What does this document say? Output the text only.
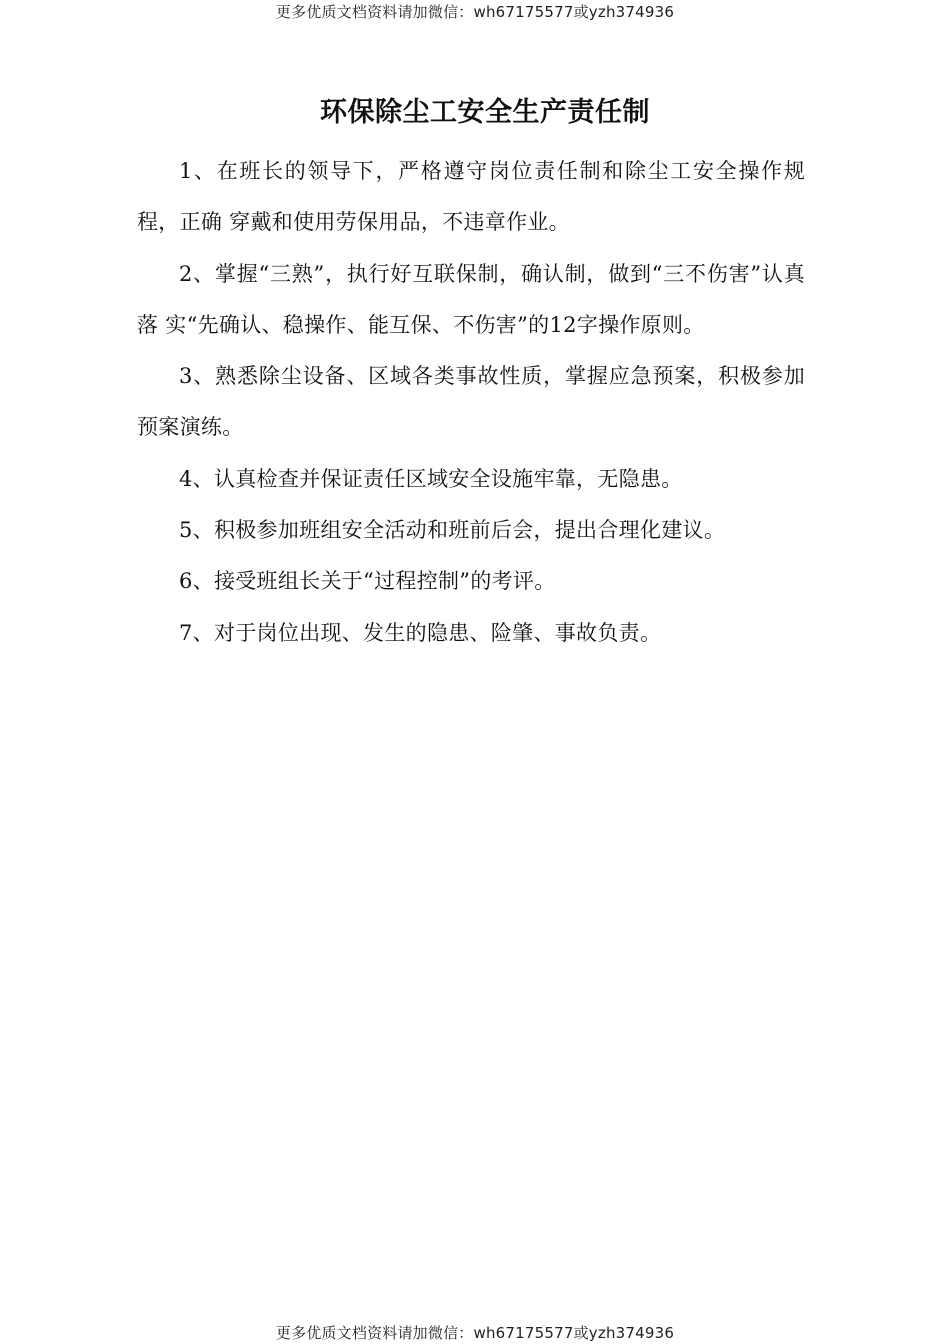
更多优质文档资料请加微信：wh67175577或yzh374936
环保除尘工安全生产责任制

1、在班长的领导下，严格遵守岗位责任制和除尘工安全操作规程，正确 穿戴和使用劳保用品，不违章作业。

2、掌握“三熟”，执行好互联保制，确认制，做到“三不伤害”认真落 实“先确认、稳操作、能互保、不伤害”的12字操作原则。

3、熟悉除尘设备、区域各类事故性质，掌握应急预案，积极参加预案演练。

4、认真检查并保证责任区域安全设施牢靠，无隐患。

5、积极参加班组安全活动和班前后会，提出合理化建议。

6、接受班组长关于“过程控制”的考评。

7、对于岗位出现、发生的隐患、险肇、事故负责。

更多优质文档资料请加微信：wh67175577或yzh374936
